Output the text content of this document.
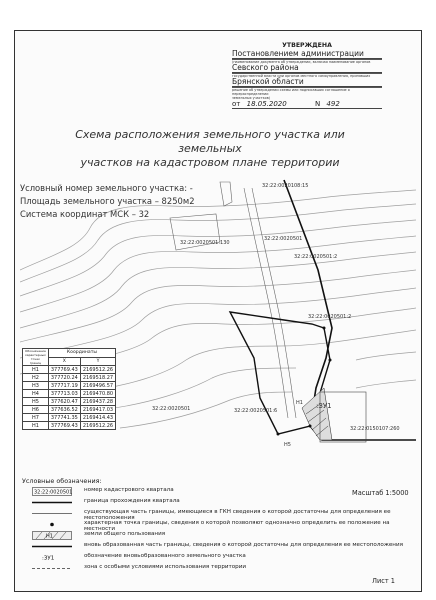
УТВЕРЖДЕНА
Постановлением администрации
(наименование документа об утверждении, включая наименование органов
Севского района
государственной власти или органов местного самоуправления, принявших
Брянской области
решение об утверждении схемы или подписавших соглашение о перераспределении
земельных участков)
от 18.05.2020	N 492
Схема расположения земельного участка или земельных
участков на кадастровом плане территории
32:22:0020108:15
32:22:0020501:130
32:22:0020501
32:22:0020501:2
32:22:0020501:2
32:22:0020501	32:22:0020501:6
32:22:0150107:260
:ЗУ1
Н1
Н5
Условный номер земельного участка: -
Площадь земельного участка – 8250м2
Система координат МСК – 32
Обозначение характерных точек границ	Координаты	
	X	Y
Н1	377769.43	2169512.26
Н2	377720.24	2169518.27
Н3	377717.19	2169496.57
Н4	377713.03	2169470.80
Н5	377620.47	2169437.28
Н6	377636.52	2169417.03
Н7	377741.35	2169414.43
Н1	377769.43	2169512.26
Условные обозначения:
32:22:0020501 номер кадастрового квартала
граница прохождения квартала
существующая часть границы, имеющиеся в ГКН сведения о которой достаточны для определения ее местоположения
характерная точка границы, сведения о которой позволяют однозначно определить ее положение на местности
Н1	земли общего пользования
вновь образованная часть границы, сведения о которой достаточны для определения ее местоположения
:ЗУ1	обозначение вновьобразованного земельного участка
зона с особыми условиями использования территории
Масштаб 1:5000
Лист 1
